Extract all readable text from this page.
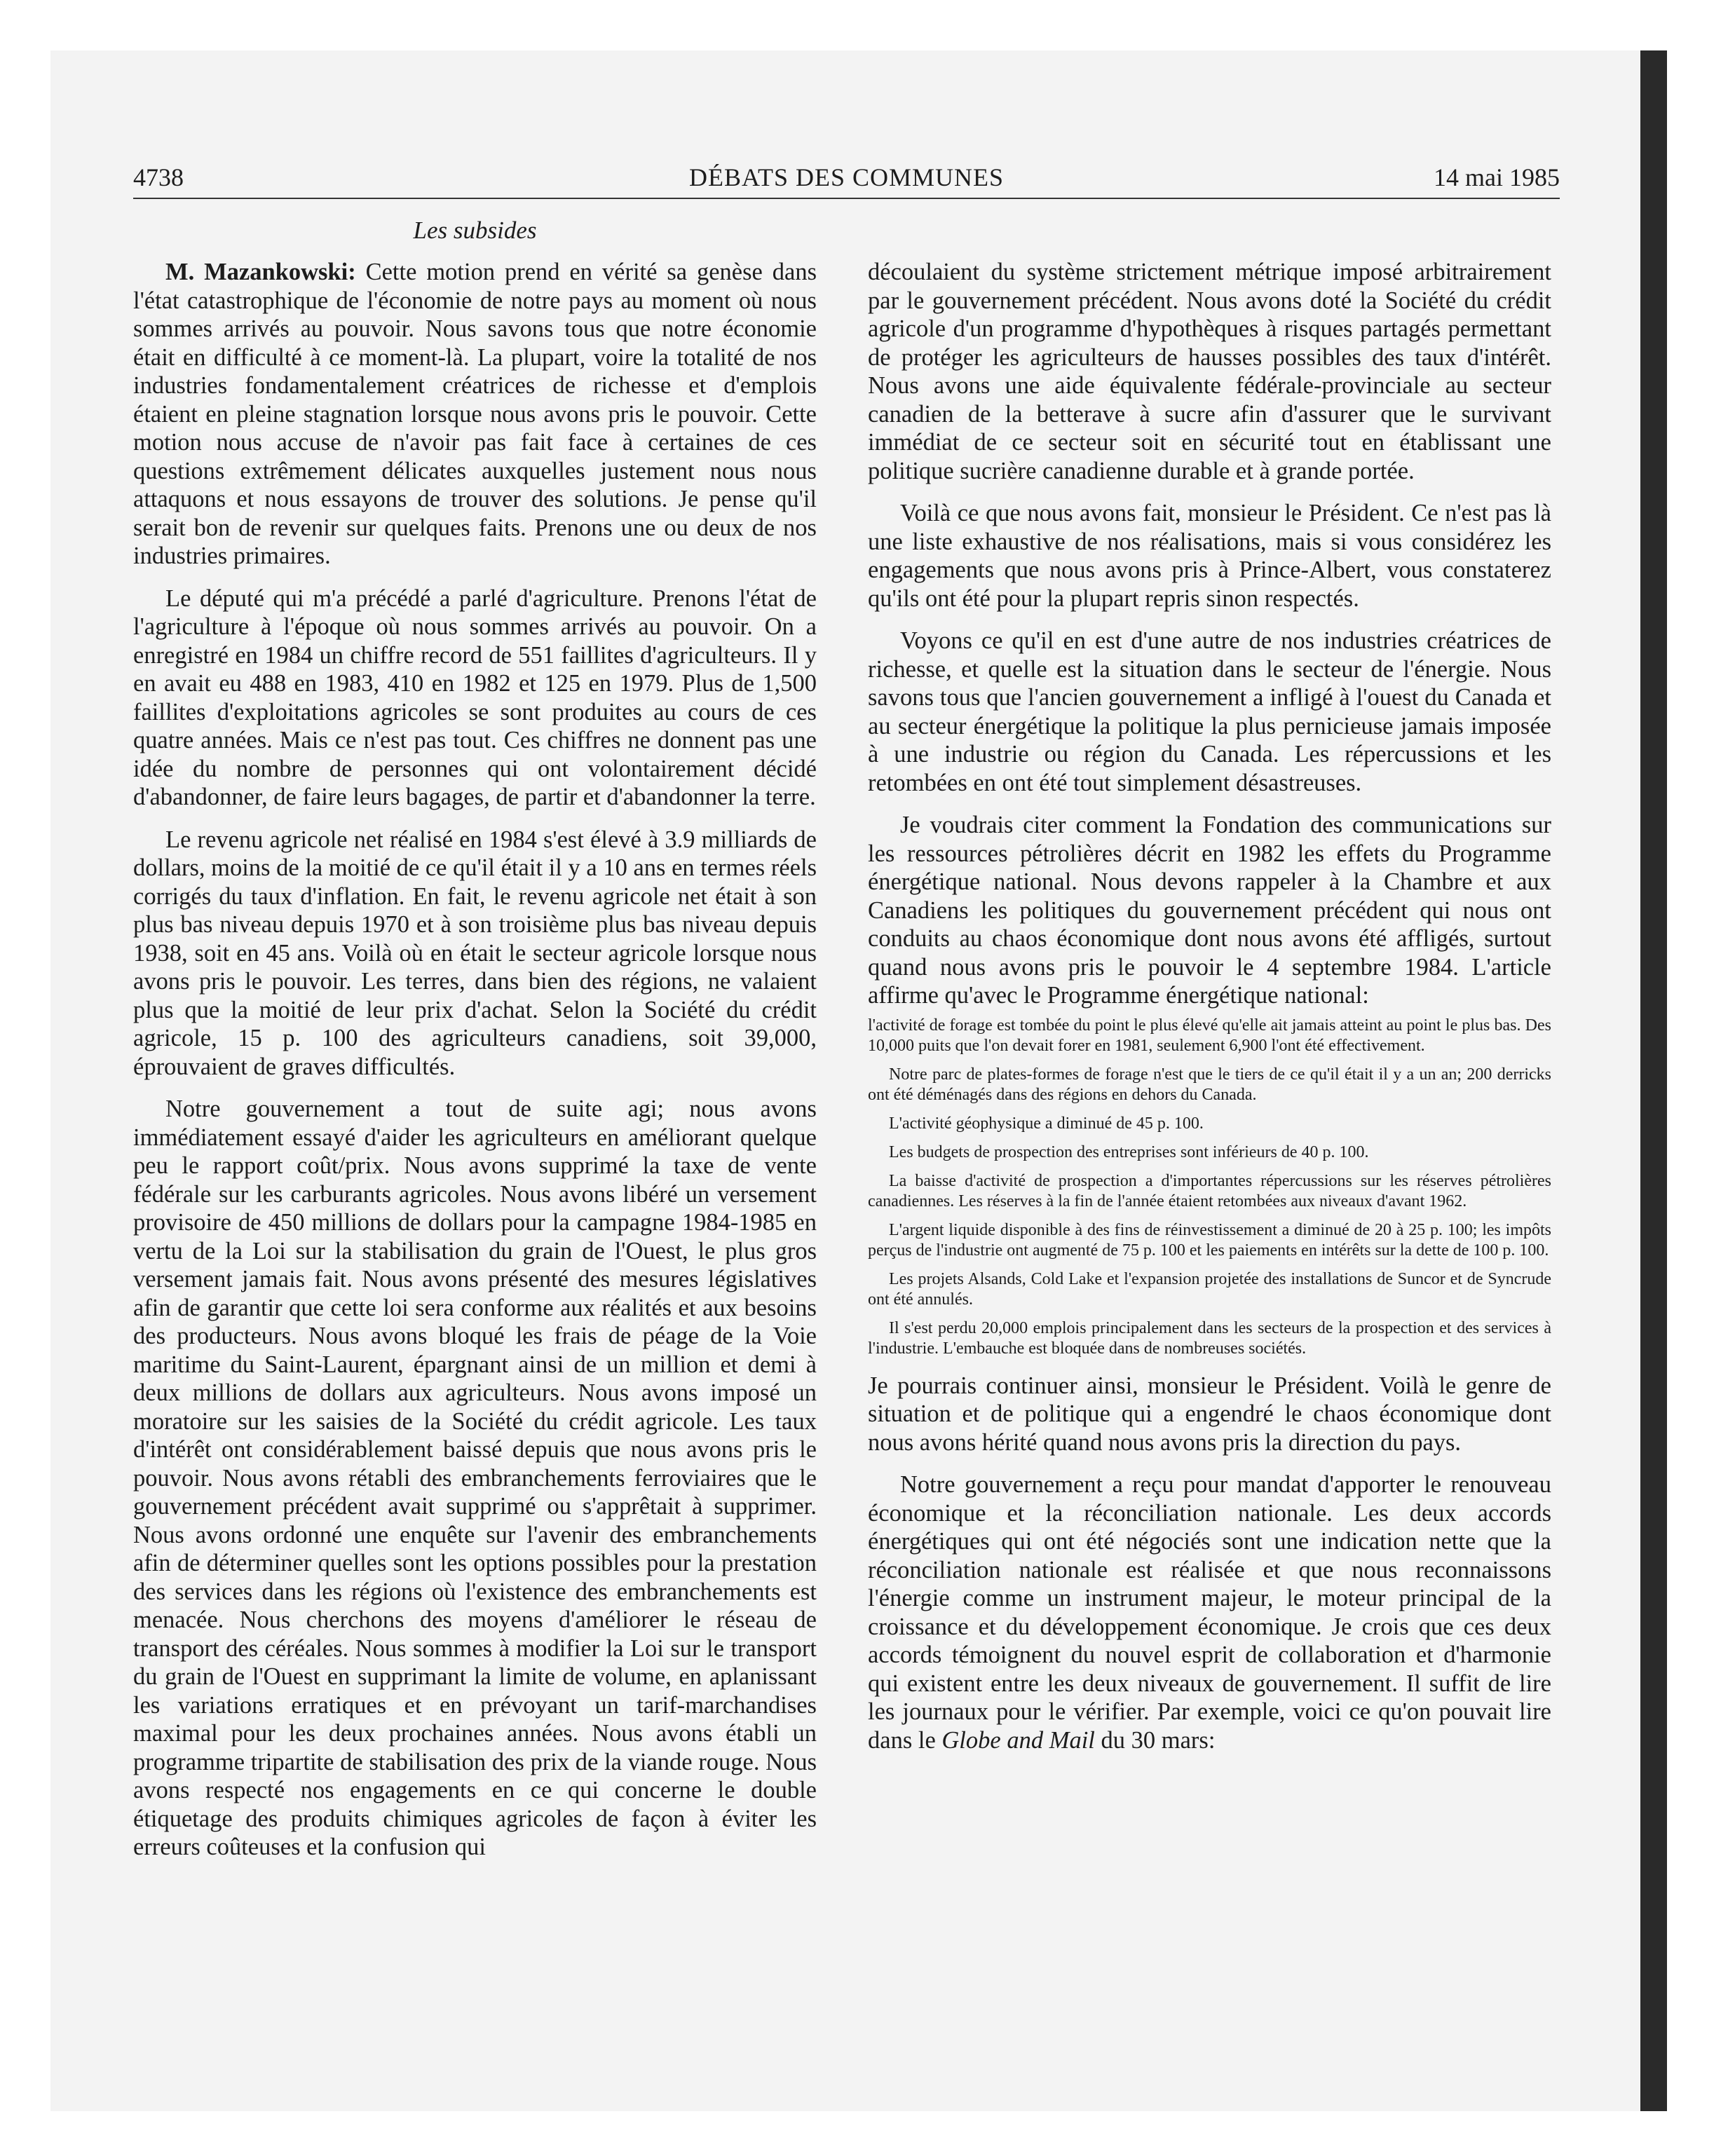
4738	DÉBATS DES COMMUNES	14 mai 1985
Les subsides

M. Mazankowski: Cette motion prend en vérité sa genèse dans l'état catastrophique de l'économie de notre pays au moment où nous sommes arrivés au pouvoir. Nous savons tous que notre économie était en difficulté à ce moment-là. La plupart, voire la totalité de nos industries fondamentalement créatrices de richesse et d'emplois étaient en pleine stagnation lorsque nous avons pris le pouvoir. Cette motion nous accuse de n'avoir pas fait face à certaines de ces questions extrêmement délicates auxquelles justement nous nous attaquons et nous essayons de trouver des solutions. Je pense qu'il serait bon de revenir sur quelques faits. Prenons une ou deux de nos industries primaires.

Le député qui m'a précédé a parlé d'agriculture. Prenons l'état de l'agriculture à l'époque où nous sommes arrivés au pouvoir. On a enregistré en 1984 un chiffre record de 551 faillites d'agriculteurs. Il y en avait eu 488 en 1983, 410 en 1982 et 125 en 1979. Plus de 1,500 faillites d'exploitations agricoles se sont produites au cours de ces quatre années. Mais ce n'est pas tout. Ces chiffres ne donnent pas une idée du nombre de personnes qui ont volontairement décidé d'abandonner, de faire leurs bagages, de partir et d'abandonner la terre.

Le revenu agricole net réalisé en 1984 s'est élevé à 3.9 milliards de dollars, moins de la moitié de ce qu'il était il y a 10 ans en termes réels corrigés du taux d'inflation. En fait, le revenu agricole net était à son plus bas niveau depuis 1970 et à son troisième plus bas niveau depuis 1938, soit en 45 ans. Voilà où en était le secteur agricole lorsque nous avons pris le pouvoir. Les terres, dans bien des régions, ne valaient plus que la moitié de leur prix d'achat. Selon la Société du crédit agricole, 15 p. 100 des agriculteurs canadiens, soit 39,000, éprouvaient de graves difficultés.

Notre gouvernement a tout de suite agi; nous avons immédiatement essayé d'aider les agriculteurs en améliorant quelque peu le rapport coût/prix. Nous avons supprimé la taxe de vente fédérale sur les carburants agricoles. Nous avons libéré un versement provisoire de 450 millions de dollars pour la campagne 1984-1985 en vertu de la Loi sur la stabilisation du grain de l'Ouest, le plus gros versement jamais fait. Nous avons présenté des mesures législatives afin de garantir que cette loi sera conforme aux réalités et aux besoins des producteurs. Nous avons bloqué les frais de péage de la Voie maritime du Saint-Laurent, épargnant ainsi de un million et demi à deux millions de dollars aux agriculteurs. Nous avons imposé un moratoire sur les saisies de la Société du crédit agricole. Les taux d'intérêt ont considérablement baissé depuis que nous avons pris le pouvoir. Nous avons rétabli des embranchements ferroviaires que le gouvernement précédent avait supprimé ou s'apprêtait à supprimer. Nous avons ordonné une enquête sur l'avenir des embranchements afin de déterminer quelles sont les options possibles pour la prestation des services dans les régions où l'existence des embranchements est menacée. Nous cherchons des moyens d'améliorer le réseau de transport des céréales. Nous sommes à modifier la Loi sur le transport du grain de l'Ouest en supprimant la limite de volume, en aplanissant les variations erratiques et en prévoyant un tarif-marchandises maximal pour les deux prochaines années. Nous avons établi un programme tripartite de stabilisation des prix de la viande rouge. Nous avons respecté nos engagements en ce qui concerne le double étiquetage des produits chimiques agricoles de façon à éviter les erreurs coûteuses et la confusion qui

découlaient du système strictement métrique imposé arbitrairement par le gouvernement précédent. Nous avons doté la Société du crédit agricole d'un programme d'hypothèques à risques partagés permettant de protéger les agriculteurs de hausses possibles des taux d'intérêt. Nous avons une aide équivalente fédérale-provinciale au secteur canadien de la betterave à sucre afin d'assurer que le survivant immédiat de ce secteur soit en sécurité tout en établissant une politique sucrière canadienne durable et à grande portée.

Voilà ce que nous avons fait, monsieur le Président. Ce n'est pas là une liste exhaustive de nos réalisations, mais si vous considérez les engagements que nous avons pris à Prince-Albert, vous constaterez qu'ils ont été pour la plupart repris sinon respectés.

Voyons ce qu'il en est d'une autre de nos industries créatrices de richesse, et quelle est la situation dans le secteur de l'énergie. Nous savons tous que l'ancien gouvernement a infligé à l'ouest du Canada et au secteur énergétique la politique la plus pernicieuse jamais imposée à une industrie ou région du Canada. Les répercussions et les retombées en ont été tout simplement désastreuses.

Je voudrais citer comment la Fondation des communications sur les ressources pétrolières décrit en 1982 les effets du Programme énergétique national. Nous devons rappeler à la Chambre et aux Canadiens les politiques du gouvernement précédent qui nous ont conduits au chaos économique dont nous avons été affligés, surtout quand nous avons pris le pouvoir le 4 septembre 1984. L'article affirme qu'avec le Programme énergétique national:

l'activité de forage est tombée du point le plus élevé qu'elle ait jamais atteint au point le plus bas. Des 10,000 puits que l'on devait forer en 1981, seulement 6,900 l'ont été effectivement.

Notre parc de plates-formes de forage n'est que le tiers de ce qu'il était il y a un an; 200 derricks ont été déménagés dans des régions en dehors du Canada.

L'activité géophysique a diminué de 45 p. 100.

Les budgets de prospection des entreprises sont inférieurs de 40 p. 100.

La baisse d'activité de prospection a d'importantes répercussions sur les réserves pétrolières canadiennes. Les réserves à la fin de l'année étaient retombées aux niveaux d'avant 1962.

L'argent liquide disponible à des fins de réinvestissement a diminué de 20 à 25 p. 100; les impôts perçus de l'industrie ont augmenté de 75 p. 100 et les paiements en intérêts sur la dette de 100 p. 100.

Les projets Alsands, Cold Lake et l'expansion projetée des installations de Suncor et de Syncrude ont été annulés.

Il s'est perdu 20,000 emplois principalement dans les secteurs de la prospection et des services à l'industrie. L'embauche est bloquée dans de nombreuses sociétés.

Je pourrais continuer ainsi, monsieur le Président. Voilà le genre de situation et de politique qui a engendré le chaos économique dont nous avons hérité quand nous avons pris la direction du pays.

Notre gouvernement a reçu pour mandat d'apporter le renouveau économique et la réconciliation nationale. Les deux accords énergétiques qui ont été négociés sont une indication nette que la réconciliation nationale est réalisée et que nous reconnaissons l'énergie comme un instrument majeur, le moteur principal de la croissance et du développement économique. Je crois que ces deux accords témoignent du nouvel esprit de collaboration et d'harmonie qui existent entre les deux niveaux de gouvernement. Il suffit de lire les journaux pour le vérifier. Par exemple, voici ce qu'on pouvait lire dans le Globe and Mail du 30 mars:
